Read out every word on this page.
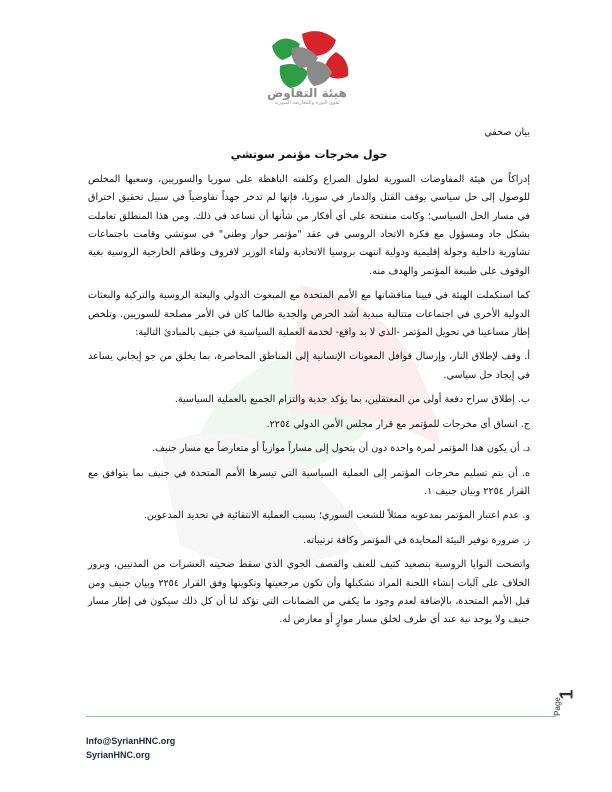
هيئة التفاوض
لقوى الثورة والمعارضة السورية
بيان صحفي
حول مخرجات مؤتمر سوتشي

إدراكاً من هيئة المفاوضات السورية لطول الصراع وكلفته الباهظة على سوريا والسوريين، وسعيها المخلص للوصول إلى حل سياسي يوقف القتل والدمار في سوريا، فإنها لم تدخر جهداً تفاوضياً في سبيل تحقيق اختراق في مسار الحل السياسي؛ وكانت منفتحة على أي أفكار من شأنها أن تساعد في ذلك. ومن هذا المنطلق تعاملت بشكل جاد ومسؤول مع فكرة الاتحاد الروسي في عقد "مؤتمر حوار وطني" في سوتشي وقامت باجتماعات تشاورية داخلية وجولة إقليمية ودولية انتهت بروسيا الاتحادية ولقاء الوزير لافروف وطاقم الخارجية الروسية بغية الوقوف على طبيعة المؤتمر والهدف منه.

كما استكملت الهيئة في فيينا مناقشاتها مع الأمم المتحدة مع المبعوث الدولي والبعثة الروسية والتركية والبعثات الدولية الأخرى في اجتماعات متتالية مبدية أشد الحرص والجدية طالما كان في الأمر مصلحة للسوريين. وتلخص إطار مساعينا في تحويل المؤتمر -الذي لا بد واقع- لخدمة العملية السياسية في جنيف بالمبادئ التالية:

أ. وقف لإطلاق النار، وإرسال قوافل المعونات الإنسانية إلى المناطق المحاصرة، بما يخلق من جو إيجابي يساعد في إيجاد حل سياسي.

ب. إطلاق سراح دفعة أولى من المعتقلين، بما يؤكد جدية والتزام الجميع بالعملية السياسية.

ج. اتساق أي مخرجات للمؤتمر مع قرار مجلس الأمن الدولي ٢٢٥٤.

د. أن يكون هذا المؤتمر لمرة واحدة دون أن يتحول إلى مساراً موازياً أو متعارضاً مع مسار جنيف.

ه. أن يتم تسليم مخرجات المؤتمر إلى العملية السياسية التي تيسرها الأمم المتحدة في جنيف بما يتوافق مع القرار ٢٢٥٤ وبيان جنيف ١.

و. عدم اعتبار المؤتمر بمدعويه ممثلاً للشعب السوري؛ بسبب العملية الانتقائية في تحديد المدعوين.

ز. ضرورة توفير البيئة المحايدة في المؤتمر وكافة ترتيباته.

واتضحت النوايا الروسية بتصعيد كثيف للعنف والقصف الجوي الذي سقط ضحيته العشرات من المدنيين، وبروز الخلاف على آليات إنشاء اللجنة المراد تشكيلها وأن تكون مرجعيتها وتكوينها وفق القرار ٢٢٥٤ وبيان جنيف ومن قبل الأمم المتحدة، بالإضافة لعدم وجود ما يكفي من الضمانات التي تؤكد لنا أن كل ذلك سيكون في إطار مسار جنيف ولا يوجد نية عند أي طرف لخلق مسار موازٍ أو معارض له.

Info@SyrianHNC.org
SyrianHNC.org
Page
1
